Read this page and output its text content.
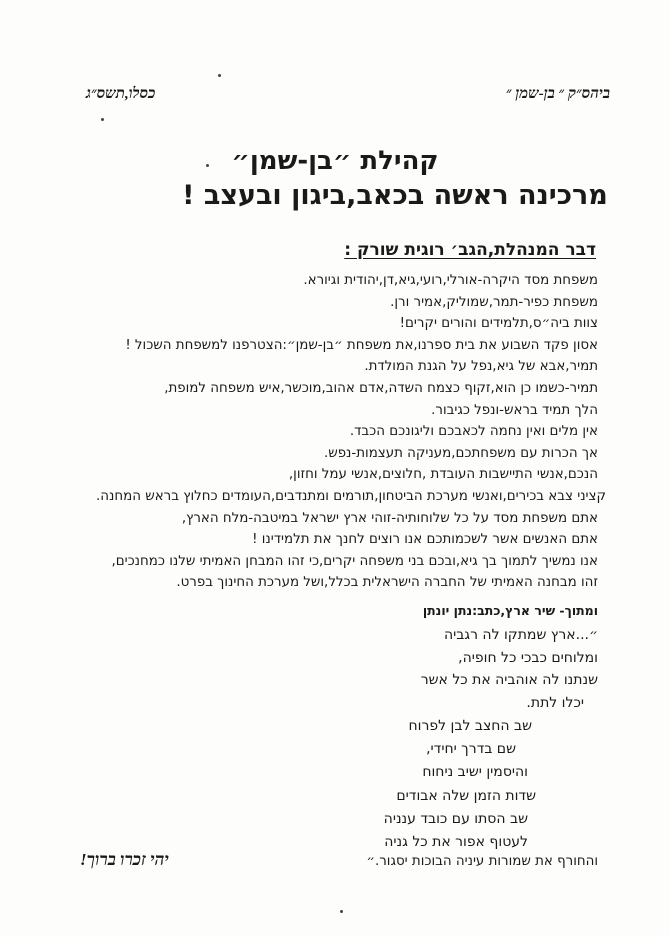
ביהס״ק ״ בן-שמן ״
כסלו,תשס״ג
קהילת ״בן-שמן״
מרכינה ראשה בכאב,ביגון ובעצב !
דבר המנהלת,הגב׳ רוגית שורק :
משפחת מסד היקרה-אורלי,רועי,גיא,דן,יהודית וגיורא.
משפחת כפיר-תמר,שמוליק,אמיר ורן.
צוות ביה״ס,תלמידים והורים יקרים!
אסון פקד השבוע את בית ספרנו,את משפחת ״בן-שמן״:הצטרפנו למשפחת השכול !
תמיר,אבא של גיא,נפל על הגנת המולדת.
תמיר-כשמו כן הוא,זקוף כצמח השדה,אדם אהוב,מוכשר,איש משפחה למופת,
הלך תמיד בראש-ונפל כגיבור.
אין מלים ואין נחמה לכאבכם וליגונכם הכבד.
אך הכרות עם משפחתכם,מעניקה תעצמות-נפש.
הנכם,אנשי התיישבות העובדת ,חלוצים,אנשי עמל וחזון,
קציני צבא בכירים,ואנשי מערכת הביטחון,תורמים ומתנדבים,העומדים כחלוץ בראש המחנה.
אתם משפחת מסד על כל שלוחותיה-זוהי ארץ ישראל במיטבה-מלח הארץ,
אתם האנשים אשר לשכמותכם אנו רוצים לחנך את תלמידינו !
אנו נמשיך לתמוך בך גיא,ובכם בני משפחה יקרים,כי זהו המבחן האמיתי שלנו כמחנכים,
זהו מבחנה האמיתי של החברה הישראלית בכלל,ושל מערכת החינוך בפרט.
ומתוך- שיר ארץ,כתב:נתן יונתן
״...ארץ שמתקו לה רגביה
ומלוחים כבכי כל חופיה,
שנתנו לה אוהביה את כל אשר
יכלו לתת.
שב החצב לבן לפרוח
שם בדרך יחידי,
והיסמין ישיב ניחוח
שדות הזמן שלה אבודים
שב הסתו עם כובד ענניה
לעטוף אפור את כל גניה
והחורף את שמורות עיניה הבוכות יסגור.״
יהי זכרו ברוך!
